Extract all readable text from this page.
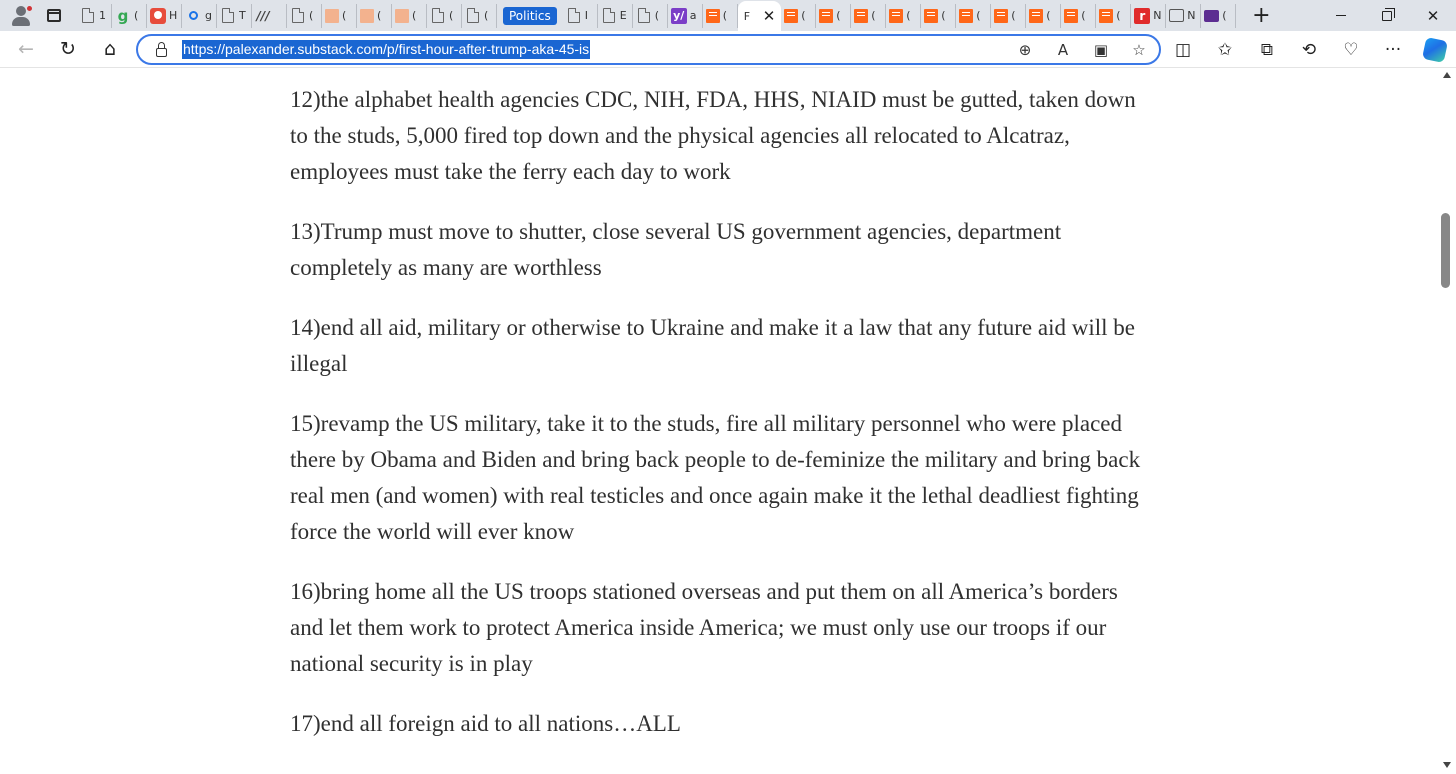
1 g (	H	g T ///	(	(	(	(	(	(	Politics	I	E	(	y/ a (	F ✕ (	(	(	(	(	(	(	(	(	(	r N N ( +	✕
← ↻ ⌂	https://palexander.substack.com/p/first-hour-after-trump-aka-45-is	⊕ A ▣ ☆ ◫ ✩ ⧉ ⟲ ♡ ···

12)the alphabet health agencies CDC, NIH, FDA, HHS, NIAID must be gutted, taken down to the studs, 5,000 fired top down and the physical agencies all relocated to Alcatraz, employees must take the ferry each day to work

13)Trump must move to shutter, close several US government agencies, department completely as many are worthless

14)end all aid, military or otherwise to Ukraine and make it a law that any future aid will be illegal

15)revamp the US military, take it to the studs, fire all military personnel who were placed there by Obama and Biden and bring back people to de-feminize the military and bring back real men (and women) with real testicles and once again make it the lethal deadliest fighting force the world will ever know

16)bring home all the US troops stationed overseas and put them on all America’s borders and let them work to protect America inside America; we must only use our troops if our national security is in play

17)end all foreign aid to all nations…ALL
